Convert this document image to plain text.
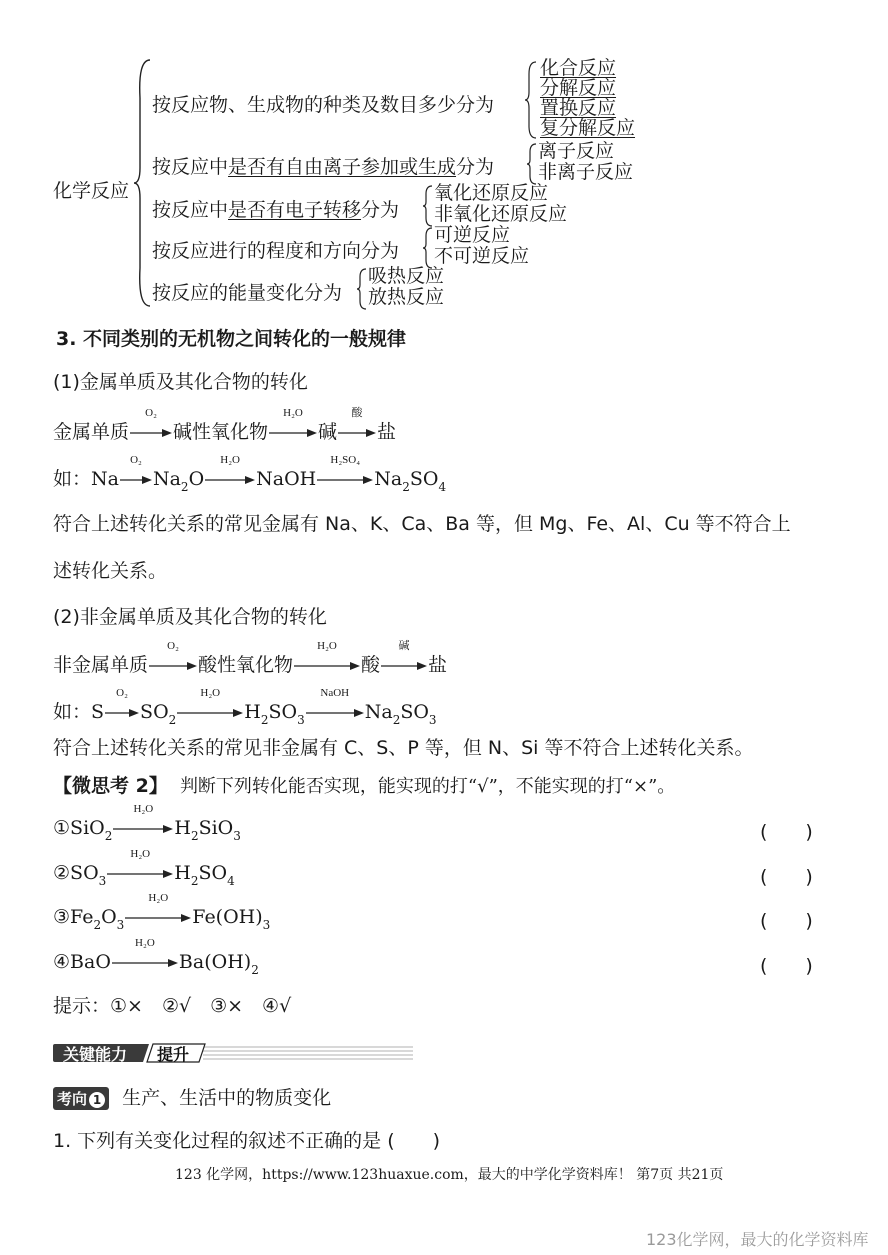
化学反应
按反应物、生成物的种类及数目多少分为
化合反应
分解反应
置换反应
复分解反应
按反应中是否有自由离子参加或生成分为
离子反应
非离子反应
按反应中是否有电子转移分为
氧化还原反应
非氧化还原反应
按反应进行的程度和方向分为
可逆反应
不可逆反应
按反应的能量变化分为
吸热反应
放热反应
3. 不同类别的无机物之间转化的一般规律
(1)金属单质及其化合物的转化
金属单质
O₂
碱性氧化物
H₂O
碱
酸
盐
如：Na
O₂
$Na_2O$
H₂O
NaOH
H₂SO₄
$Na_2SO_4$
符合上述转化关系的常见金属有 Na、K、Ca、Ba 等，但 Mg、Fe、Al、Cu 等不符合上
述转化关系。
(2)非金属单质及其化合物的转化
非金属单质
O₂
酸性氧化物
H₂O
酸
碱
盐
如：S
O₂
$SO_2$
H₂O
$H_2SO_3$
NaOH
$Na_2SO_3$
符合上述转化关系的常见非金属有 C、S、P 等，但 N、Si 等不符合上述转化关系。
【微思考 2】 判断下列转化能否实现，能实现的打“√”，不能实现的打“×”。
①SiO$_2$
H₂O
$H_2SiO_3$	(　　)
$②SO_3$
H₂O
$H_2SO_4$	(　　)
$③Fe_2O_3$
H₂O
$Fe(OH)_3$	(　　)
④BaO
H₂O
$Ba(OH)_2$	(　　)
提示：①×　②√　③×　④√
关键能力 提升
考向 1 生产、生活中的物质变化
1. 下列有关变化过程的叙述不正确的是 (　　)
123 化学网，https://www.123huaxue.com，最大的中学化学资料库！ 第7页 共21页
123化学网，最大的化学资料库
